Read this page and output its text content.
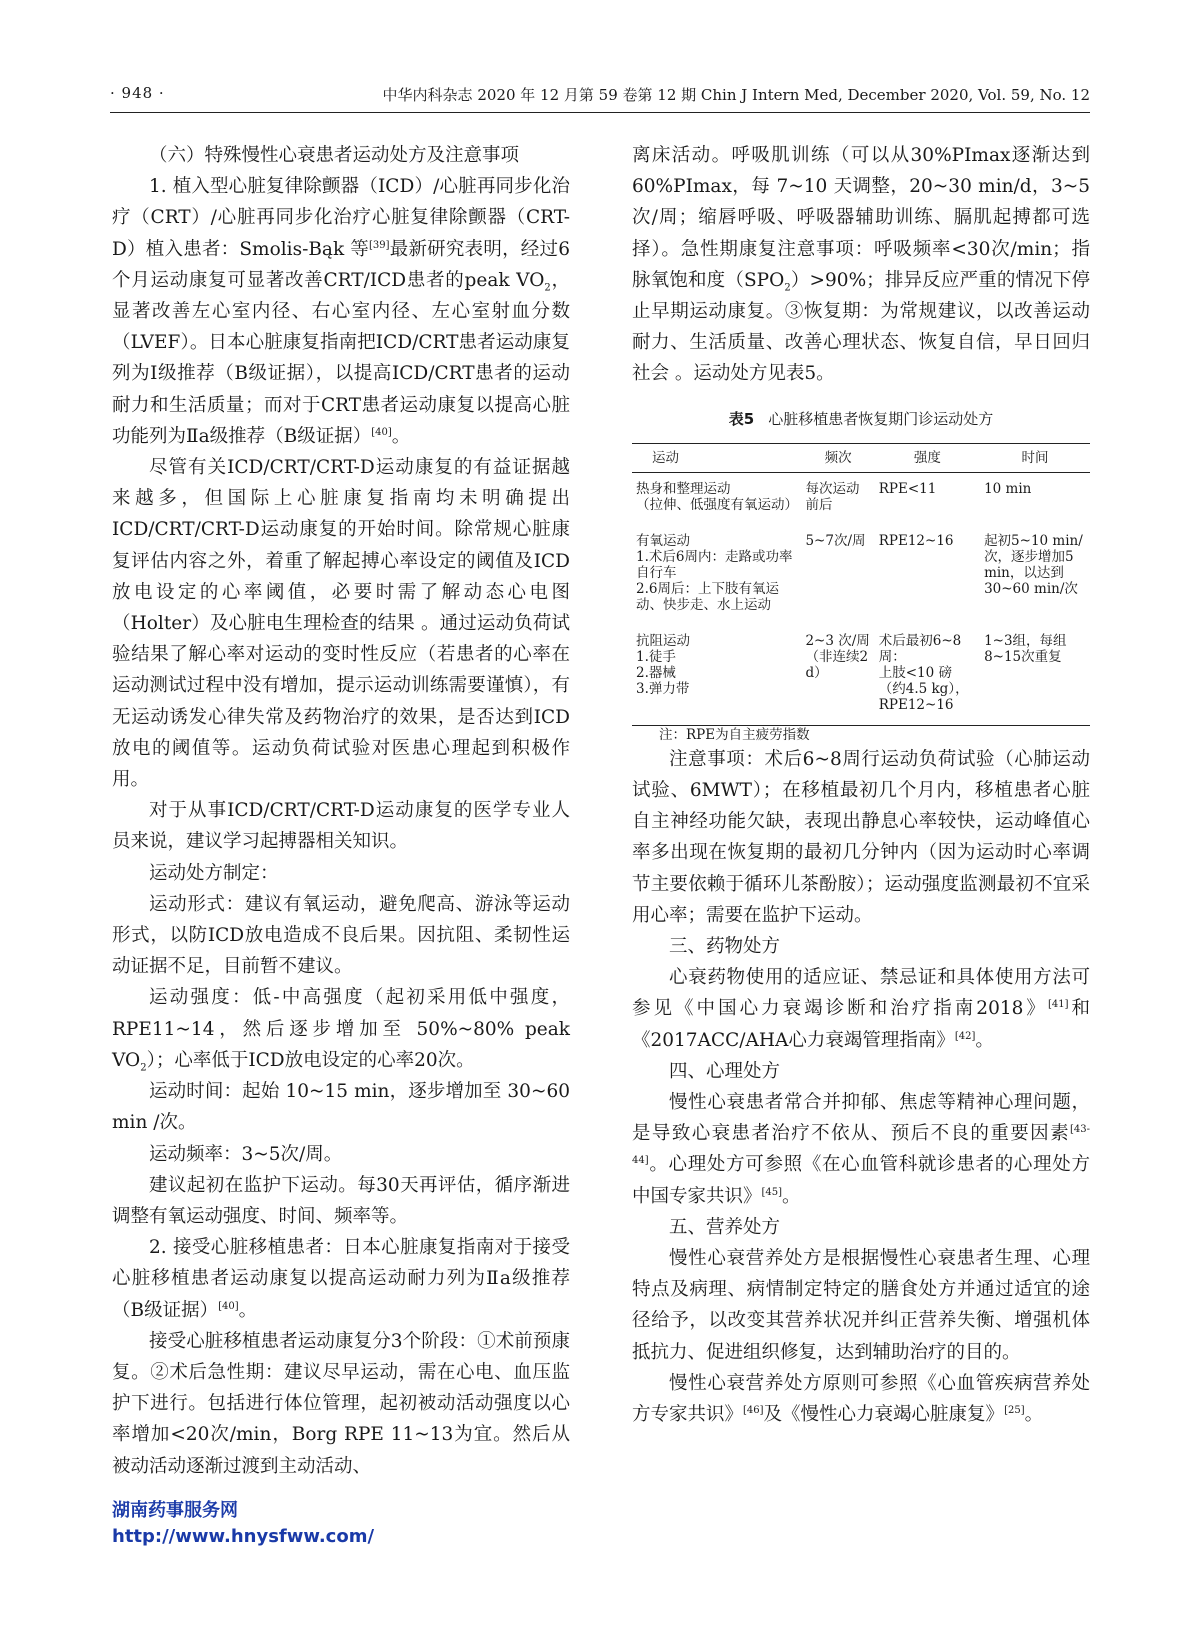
· 948 ·	中华内科杂志 2020 年 12 月第 59 卷第 12 期 Chin J Intern Med, December 2020, Vol. 59, No. 12

（六）特殊慢性心衰患者运动处方及注意事项

1. 植入型心脏复律除颤器（ICD）/心脏再同步化治疗（CRT）/心脏再同步化治疗心脏复律除颤器（CRT-D）植入患者：Smolis-Bąk 等[39]最新研究表明，经过6个月运动康复可显著改善CRT/ICD患者的peak $VO_2$，显著改善左心室内径、右心室内径、左心室射血分数（LVEF）。日本心脏康复指南把ICD/CRT患者运动康复列为Ⅰ级推荐（B级证据），以提高ICD/CRT患者的运动耐力和生活质量；而对于CRT患者运动康复以提高心脏功能列为Ⅱa级推荐（B级证据）[40]。

尽管有关ICD/CRT/CRT-D运动康复的有益证据越来越多，但国际上心脏康复指南均未明确提出ICD/CRT/CRT-D运动康复的开始时间。除常规心脏康复评估内容之外，着重了解起搏心率设定的阈值及ICD放电设定的心率阈值，必要时需了解动态心电图（Holter）及心脏电生理检查的结果 。通过运动负荷试验结果了解心率对运动的变时性反应（若患者的心率在运动测试过程中没有增加，提示运动训练需要谨慎），有无运动诱发心律失常及药物治疗的效果，是否达到ICD放电的阈值等。运动负荷试验对医患心理起到积极作用。

对于从事ICD/CRT/CRT-D运动康复的医学专业人员来说，建议学习起搏器相关知识。

运动处方制定：

运动形式：建议有氧运动，避免爬高、游泳等运动形式，以防ICD放电造成不良后果。因抗阻、柔韧性运动证据不足，目前暂不建议。

运动强度：低-中高强度（起初采用低中强度，RPE11~14，然后逐步增加至 50%~80% peak $VO_2$）；心率低于ICD放电设定的心率20次。

运动时间：起始 10~15 min，逐步增加至 30~60 min /次。

运动频率：3~5次/周。

建议起初在监护下运动。每30天再评估，循序渐进调整有氧运动强度、时间、频率等。

2. 接受心脏移植患者：日本心脏康复指南对于接受心脏移植患者运动康复以提高运动耐力列为Ⅱa级推荐（B级证据）[40]。

接受心脏移植患者运动康复分3个阶段：①术前预康复。②术后急性期：建议尽早运动，需在心电、血压监护下进行。包括进行体位管理，起初被动活动强度以心率增加<20次/min，Borg RPE 11~13为宜。然后从被动活动逐渐过渡到主动活动、

离床活动。呼吸肌训练（可以从30%PImax逐渐达到 60%PImax，每 7~10 天调整，20~30 min/d，3~5次/周；缩唇呼吸、呼吸器辅助训练、膈肌起搏都可选择）。急性期康复注意事项：呼吸频率<30次/min；指脉氧饱和度$(SPO_2)>90\%$；排异反应严重的情况下停止早期运动康复。③恢复期：为常规建议，以改善运动耐力、生活质量、改善心理状态、恢复自信，早日回归社会 。运动处方见表5。

表5 心脏移植患者恢复期门诊运动处方
运动	频次	强度	时间
热身和整理运动
（拉伸、低强度有氧运动）	每次运动前后	RPE<11	10 min
有氧运动
1.术后6周内：走路或功率自行车
2.6周后：上下肢有氧运动、快步走、水上运动	5~7次/周	RPE12~16	起初5~10 min/次，逐步增加5 min，以达到30~60 min/次
抗阻运动
1.徒手
2.器械
3.弹力带	2~3 次/周（非连续2 d）	术后最初6~8周：
上肢<10 磅（约4.5 kg），
RPE12~16	1~3组，每组8~15次重复

注：RPE为自主疲劳指数

注意事项：术后6~8周行运动负荷试验（心肺运动试验、6MWT）；在移植最初几个月内，移植患者心脏自主神经功能欠缺，表现出静息心率较快，运动峰值心率多出现在恢复期的最初几分钟内（因为运动时心率调节主要依赖于循环儿茶酚胺）；运动强度监测最初不宜采用心率；需要在监护下运动。

三、药物处方

心衰药物使用的适应证、禁忌证和具体使用方法可参见《中国心力衰竭诊断和治疗指南2018》[41]和《2017ACC/AHA心力衰竭管理指南》[42]。

四、心理处方

慢性心衰患者常合并抑郁、焦虑等精神心理问题，是导致心衰患者治疗不依从、预后不良的重要因素[43-44]。心理处方可参照《在心血管科就诊患者的心理处方中国专家共识》[45]。

五、营养处方

慢性心衰营养处方是根据慢性心衰患者生理、心理特点及病理、病情制定特定的膳食处方并通过适宜的途径给予，以改变其营养状况并纠正营养失衡、增强机体抵抗力、促进组织修复，达到辅助治疗的目的。

慢性心衰营养处方原则可参照《心血管疾病营养处方专家共识》[46]及《慢性心力衰竭心脏康复》[25]。

湖南药事服务网
http://www.hnysfww.com/
